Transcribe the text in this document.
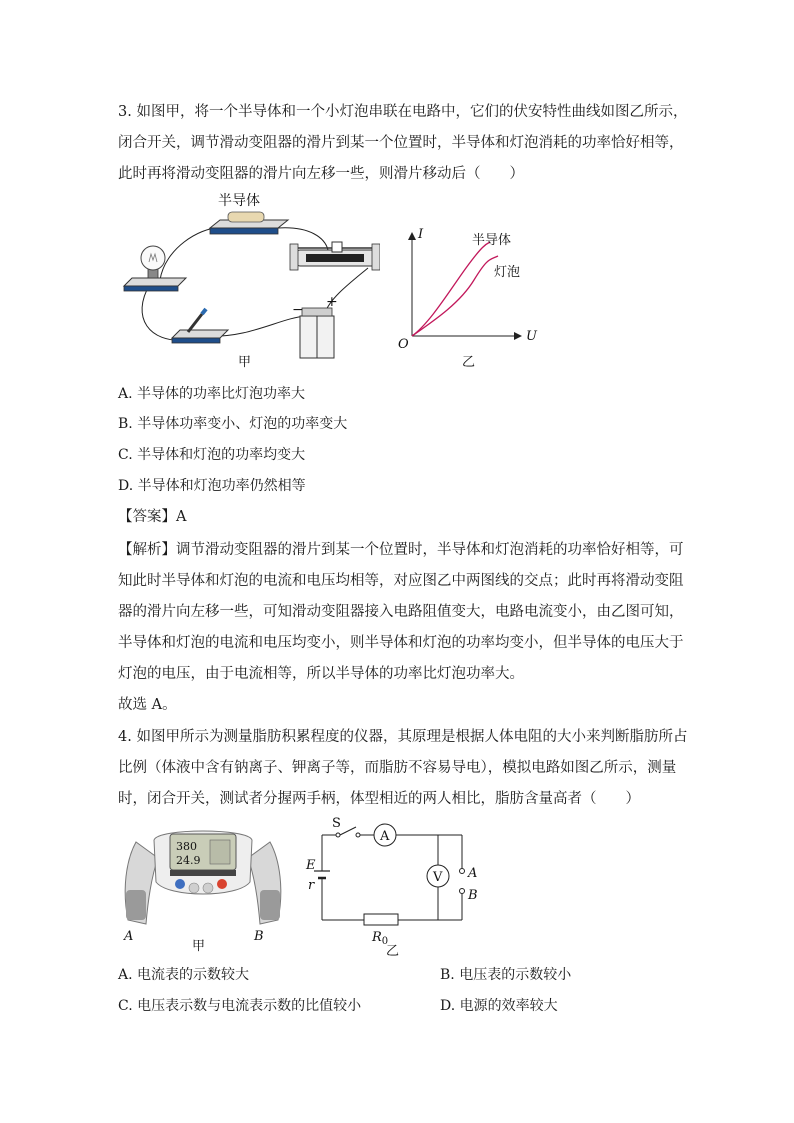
3. 如图甲，将一个半导体和一个小灯泡串联在电路中，它们的伏安特性曲线如图乙所示，
闭合开关，调节滑动变阻器的滑片到某一个位置时，半导体和灯泡消耗的功率恰好相等，
此时再将滑动变阻器的滑片向左移一些，则滑片移动后（　　）
半导体
− +
甲
I
U
O
半导体
灯泡
乙
A. 半导体的功率比灯泡功率大
B. 半导体功率变小、灯泡的功率变大
C. 半导体和灯泡的功率均变大
D. 半导体和灯泡功率仍然相等
【答案】A
【解析】调节滑动变阻器的滑片到某一个位置时，半导体和灯泡消耗的功率恰好相等，可
知此时半导体和灯泡的电流和电压均相等，对应图乙中两图线的交点；此时再将滑动变阻
器的滑片向左移一些，可知滑动变阻器接入电路阻值变大，电路电流变小，由乙图可知，
半导体和灯泡的电流和电压均变小，则半导体和灯泡的功率均变小，但半导体的电压大于
灯泡的电压，由于电流相等，所以半导体的功率比灯泡功率大。
故选 A。
4. 如图甲所示为测量脂肪积累程度的仪器，其原理是根据人体电阻的大小来判断脂肪所占
比例（体液中含有钠离子、钾离子等，而脂肪不容易导电），模拟电路如图乙所示，测量
时，闭合开关，测试者分握两手柄，体型相近的两人相比，脂肪含量高者（　　）
380
24.9
A	B
甲
S
A
V A
B
$R_0$
E
r
乙
A. 电流表的示数较大	B. 电压表的示数较小
C. 电压表示数与电流表示数的比值较小	D. 电源的效率较大
